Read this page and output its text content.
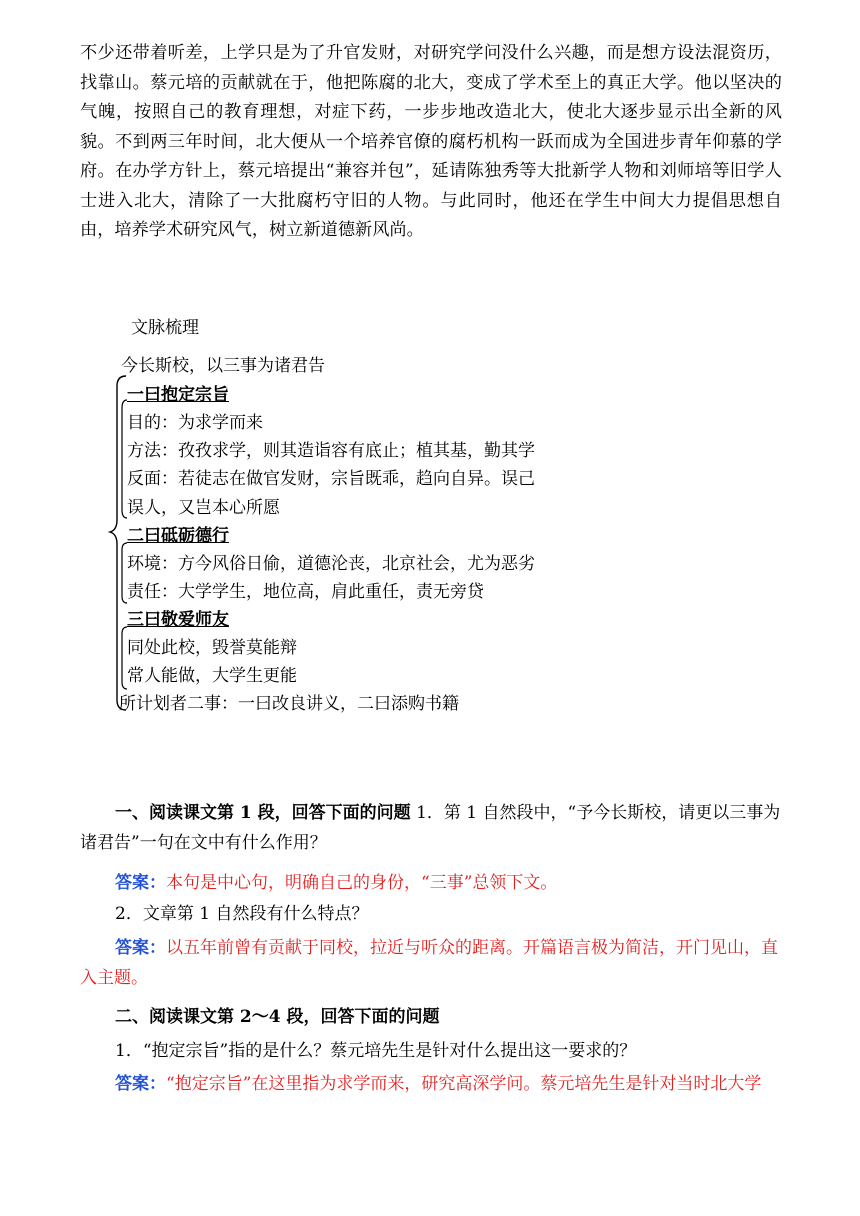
不少还带着听差，上学只是为了升官发财，对研究学问没什么兴趣，而是想方设法混资历，找靠山。蔡元培的贡献就在于，他把陈腐的北大，变成了学术至上的真正大学。他以坚决的气魄，按照自己的教育理想，对症下药，一步步地改造北大，使北大逐步显示出全新的风貌。不到两三年时间，北大便从一个培养官僚的腐朽机构一跃而成为全国进步青年仰慕的学府。在办学方针上，蔡元培提出“兼容并包”，延请陈独秀等大批新学人物和刘师培等旧学人士进入北大，清除了一大批腐朽守旧的人物。与此同时，他还在学生中间大力提倡思想自由，培养学术研究风气，树立新道德新风尚。
文脉梳理
今长斯校，以三事为诸君告
一曰抱定宗旨
目的：为求学而来
方法：孜孜求学，则其造诣容有底止；植其基，勤其学
反面：若徒志在做官发财，宗旨既乖，趋向自异。误己
误人，又岂本心所愿
二曰砥砺德行
环境：方今风俗日偷，道德沦丧，北京社会，尤为恶劣
责任：大学学生，地位高，肩此重任，责无旁贷
三曰敬爱师友
同处此校，毁誉莫能辩
常人能做，大学生更能
所计划者二事：一曰改良讲义，二曰添购书籍
一、阅读课文第 1 段，回答下面的问题 1．第 1 自然段中，“予今长斯校，请更以三事为诸君告”一句在文中有什么作用？
答案：本句是中心句，明确自己的身份，“三事”总领下文。
2．文章第 1 自然段有什么特点？
答案：以五年前曾有贡献于同校，拉近与听众的距离。开篇语言极为简洁，开门见山，直入主题。
二、阅读课文第 2～4 段，回答下面的问题
1．“抱定宗旨”指的是什么？蔡元培先生是针对什么提出这一要求的？
答案：“抱定宗旨”在这里指为求学而来，研究高深学问。蔡元培先生是针对当时北大学
